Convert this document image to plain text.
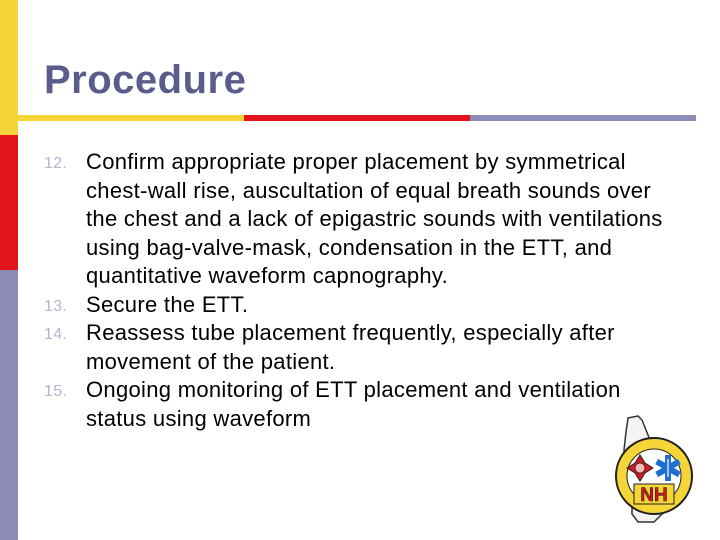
Procedure
12. Confirm appropriate proper placement by symmetrical chest-wall rise, auscultation of equal breath sounds over the chest and a lack of epigastric sounds with ventilations using bag-valve-mask, condensation in the ETT, and quantitative waveform capnography.
13. Secure the ETT.
14. Reassess tube placement frequently, especially after movement of the patient.
15. Ongoing monitoring of ETT placement and ventilation status using waveform
NH
